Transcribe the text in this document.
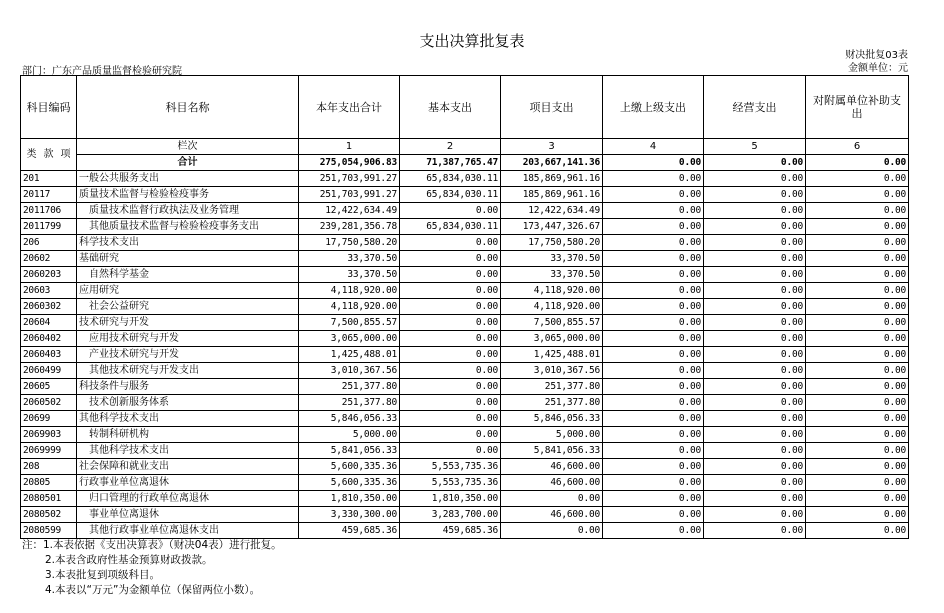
支出决算批复表
部门：广东产品质量监督检验研究院
财决批复03表
金额单位：元
科目编码	科目名称	本年支出合计	基本支出	项目支出	上缴上级支出	经营支出	对附属单位补助支出

类 款 项	栏次	1	2	3	4	5	6
	合计	275,054,906.83	71,387,765.47	203,667,141.36	0.00	0.00	0.00
201	一般公共服务支出	251,703,991.27	65,834,030.11	185,869,961.16	0.00	0.00	0.00
20117	质量技术监督与检验检疫事务	251,703,991.27	65,834,030.11	185,869,961.16	0.00	0.00	0.00
2011706	质量技术监督行政执法及业务管理	12,422,634.49	0.00	12,422,634.49	0.00	0.00	0.00
2011799	其他质量技术监督与检验检疫事务支出	239,281,356.78	65,834,030.11	173,447,326.67	0.00	0.00	0.00
206	科学技术支出	17,750,580.20	0.00	17,750,580.20	0.00	0.00	0.00
20602	基础研究	33,370.50	0.00	33,370.50	0.00	0.00	0.00
2060203	自然科学基金	33,370.50	0.00	33,370.50	0.00	0.00	0.00
20603	应用研究	4,118,920.00	0.00	4,118,920.00	0.00	0.00	0.00
2060302	社会公益研究	4,118,920.00	0.00	4,118,920.00	0.00	0.00	0.00
20604	技术研究与开发	7,500,855.57	0.00	7,500,855.57	0.00	0.00	0.00
2060402	应用技术研究与开发	3,065,000.00	0.00	3,065,000.00	0.00	0.00	0.00
2060403	产业技术研究与开发	1,425,488.01	0.00	1,425,488.01	0.00	0.00	0.00
2060499	其他技术研究与开发支出	3,010,367.56	0.00	3,010,367.56	0.00	0.00	0.00
20605	科技条件与服务	251,377.80	0.00	251,377.80	0.00	0.00	0.00
2060502	技术创新服务体系	251,377.80	0.00	251,377.80	0.00	0.00	0.00
20699	其他科学技术支出	5,846,056.33	0.00	5,846,056.33	0.00	0.00	0.00
2069903	转制科研机构	5,000.00	0.00	5,000.00	0.00	0.00	0.00
2069999	其他科学技术支出	5,841,056.33	0.00	5,841,056.33	0.00	0.00	0.00
208	社会保障和就业支出	5,600,335.36	5,553,735.36	46,600.00	0.00	0.00	0.00
20805	行政事业单位离退休	5,600,335.36	5,553,735.36	46,600.00	0.00	0.00	0.00
2080501	归口管理的行政单位离退休	1,810,350.00	1,810,350.00	0.00	0.00	0.00	0.00
2080502	事业单位离退休	3,330,300.00	3,283,700.00	46,600.00	0.00	0.00	0.00
2080599	其他行政事业单位离退休支出	459,685.36	459,685.36	0.00	0.00	0.00	0.00
注：1.本表依据《支出决算表》（财决04表）进行批复。
2.本表含政府性基金预算财政拨款。
3.本表批复到项级科目。
4.本表以“万元”为金额单位（保留两位小数）。
